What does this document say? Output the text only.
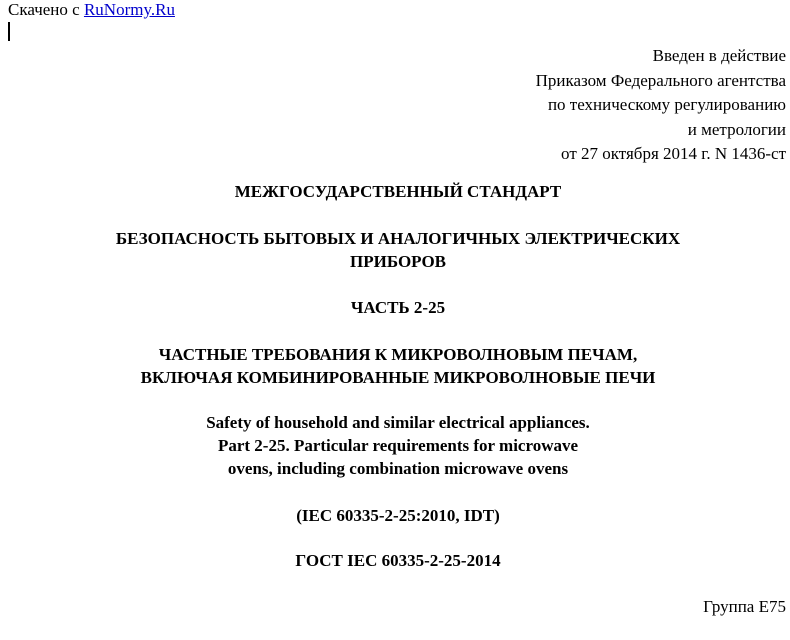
Скачено с RuNormy.Ru
Введен в действие
Приказом Федерального агентства
по техническому регулированию
и метрологии
от 27 октября 2014 г. N 1436-ст
МЕЖГОСУДАРСТВЕННЫЙ СТАНДАРТ
БЕЗОПАСНОСТЬ БЫТОВЫХ И АНАЛОГИЧНЫХ ЭЛЕКТРИЧЕСКИХ
ПРИБОРОВ
ЧАСТЬ 2-25
ЧАСТНЫЕ ТРЕБОВАНИЯ К МИКРОВОЛНОВЫМ ПЕЧАМ,
ВКЛЮЧАЯ КОМБИНИРОВАННЫЕ МИКРОВОЛНОВЫЕ ПЕЧИ
Safety of household and similar electrical appliances.
Part 2-25. Particular requirements for microwave
ovens, including combination microwave ovens
(IEC 60335-2-25:2010, IDT)
ГОСТ IEC 60335-2-25-2014
Группа Е75
